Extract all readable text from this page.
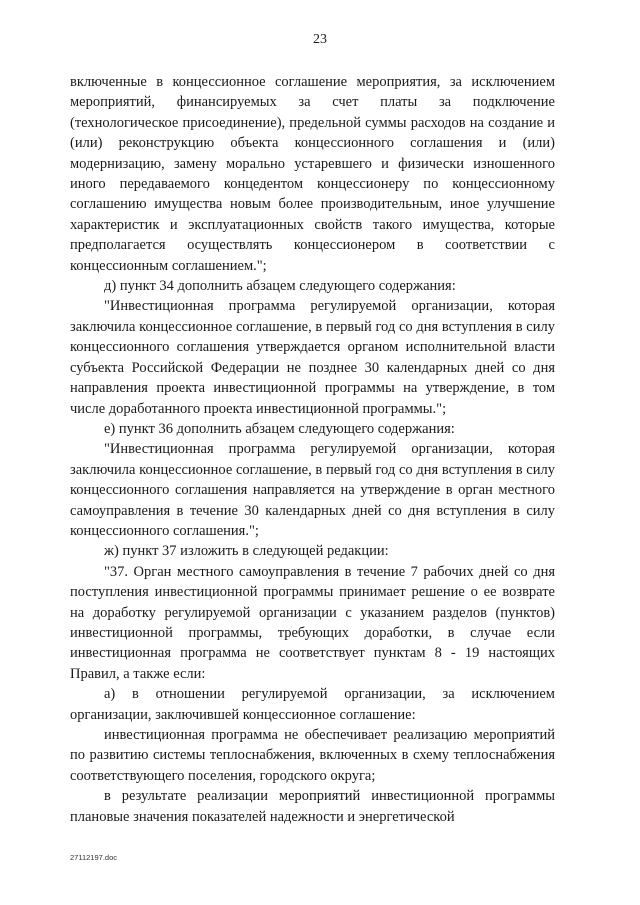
23

включенные в концессионное соглашение мероприятия, за исключением мероприятий, финансируемых за счет платы за подключение (технологическое присоединение), предельной суммы расходов на создание и (или) реконструкцию объекта концессионного соглашения и (или) модернизацию, замену морально устаревшего и физически изношенного иного передаваемого концедентом концессионеру по концессионному соглашению имущества новым более производительным, иное улучшение характеристик и эксплуатационных свойств такого имущества, которые предполагается осуществлять концессионером в соответствии с концессионным соглашением.";

д) пункт 34 дополнить абзацем следующего содержания:

"Инвестиционная программа регулируемой организации, которая заключила концессионное соглашение, в первый год со дня вступления в силу концессионного соглашения утверждается органом исполнительной власти субъекта Российской Федерации не позднее 30 календарных дней со дня направления проекта инвестиционной программы на утверждение, в том числе доработанного проекта инвестиционной программы.";

е) пункт 36 дополнить абзацем следующего содержания:

"Инвестиционная программа регулируемой организации, которая заключила концессионное соглашение, в первый год со дня вступления в силу концессионного соглашения направляется на утверждение в орган местного самоуправления в течение 30 календарных дней со дня вступления в силу концессионного соглашения.";

ж) пункт 37 изложить в следующей редакции:

"37. Орган местного самоуправления в течение 7 рабочих дней со дня поступления инвестиционной программы принимает решение о ее возврате на доработку регулируемой организации с указанием разделов (пунктов) инвестиционной программы, требующих доработки, в случае если инвестиционная программа не соответствует пунктам 8 - 19 настоящих Правил, а также если:

а) в отношении регулируемой организации, за исключением организации, заключившей концессионное соглашение:

инвестиционная программа не обеспечивает реализацию мероприятий по развитию системы теплоснабжения, включенных в схему теплоснабжения соответствующего поселения, городского округа;

в результате реализации мероприятий инвестиционной программы плановые значения показателей надежности и энергетической

27112197.doc
